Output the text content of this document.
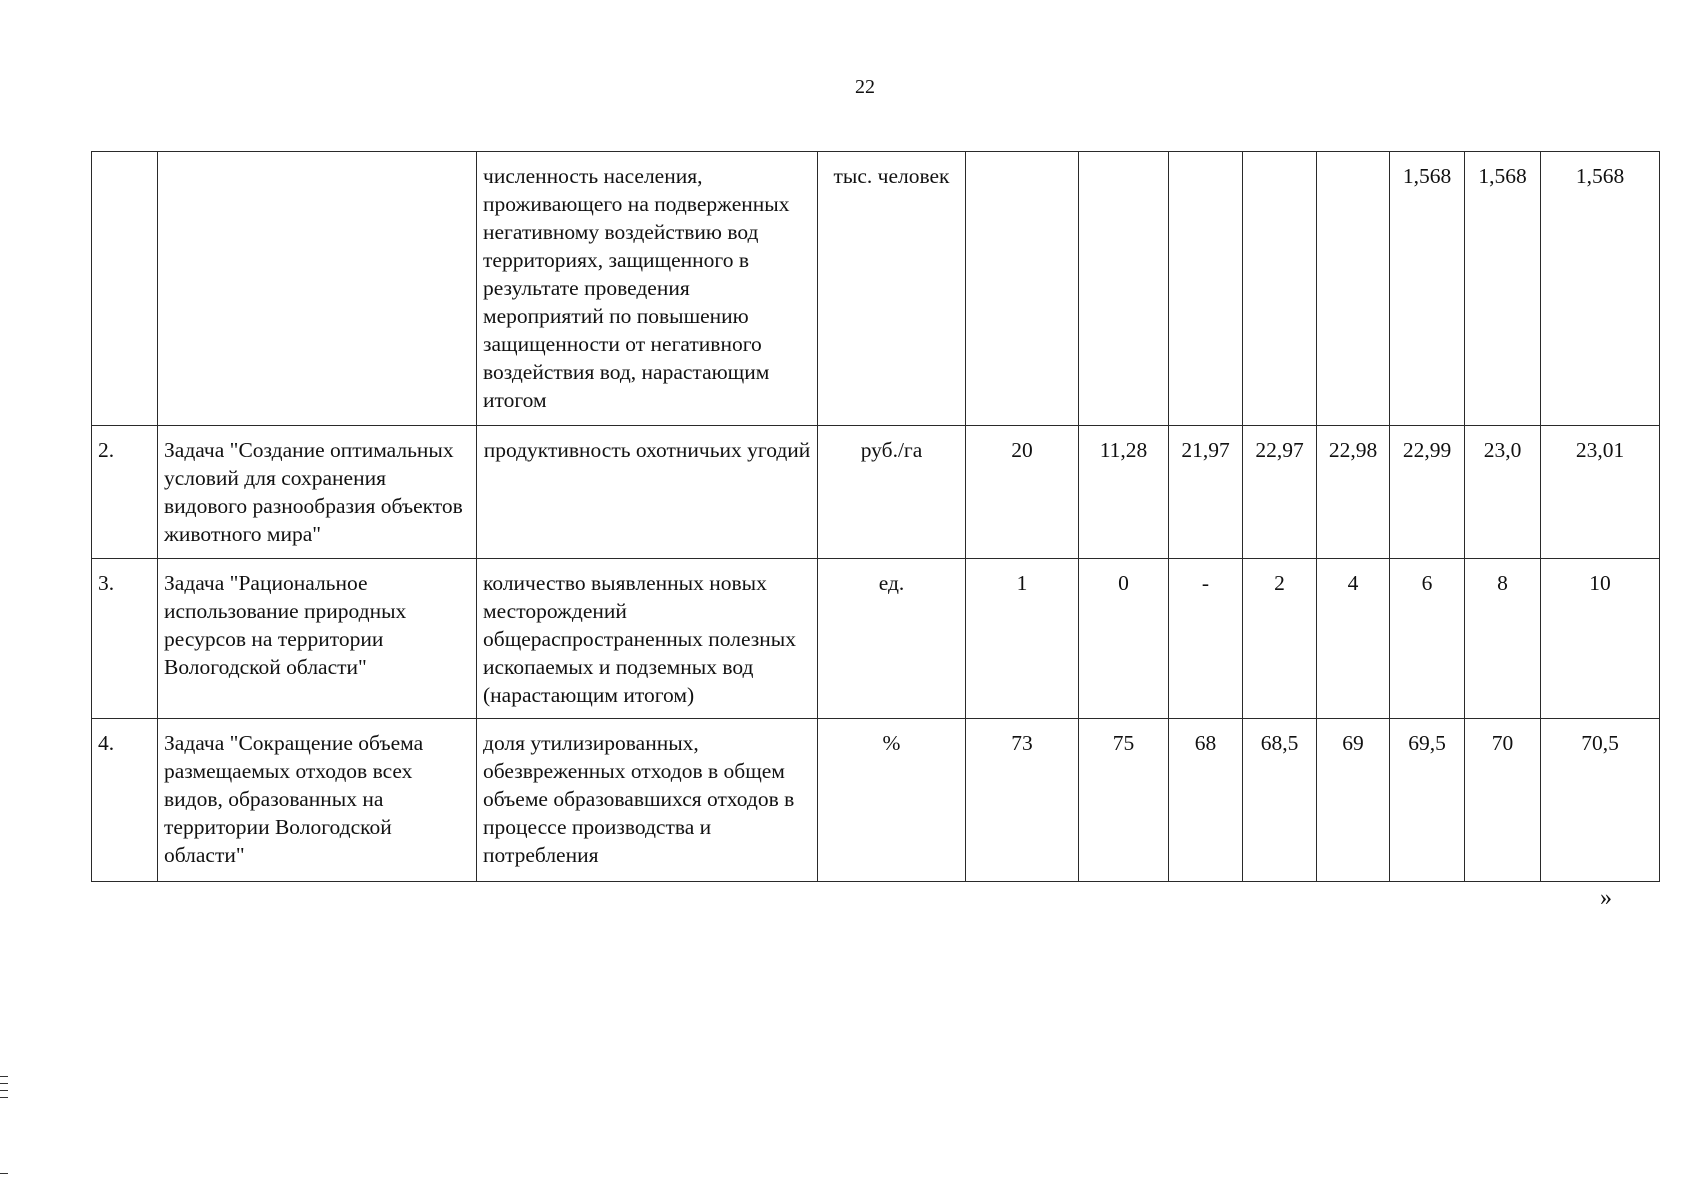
22
		численность населения, проживающего на подверженных негативному воздействию вод территориях, защищенного в результате проведения мероприятий по повышению защищенности от негативного воздействия вод, нарастающим итогом	тыс. человек						1,568	1,568	1,568
2.	Задача "Создание оптимальных условий для сохранения видового разнообразия объектов животного мира"	продуктивность охотничьих угодий	руб./га	20	11,28	21,97	22,97	22,98	22,99	23,0	23,01
3.	Задача "Рациональное использование природных ресурсов на территории Вологодской области"	количество выявленных новых месторождений общераспространенных полезных ископаемых и подземных вод (нарастающим итогом)	ед.	1	0	-	2	4	6	8	10
4.	Задача "Сокращение объема размещаемых отходов всех видов, образованных на территории Вологодской области"	доля утилизированных, обезвреженных отходов в общем объеме образовавшихся отходов в процессе производства и потребления	%	73	75	68	68,5	69	69,5	70	70,5
»
